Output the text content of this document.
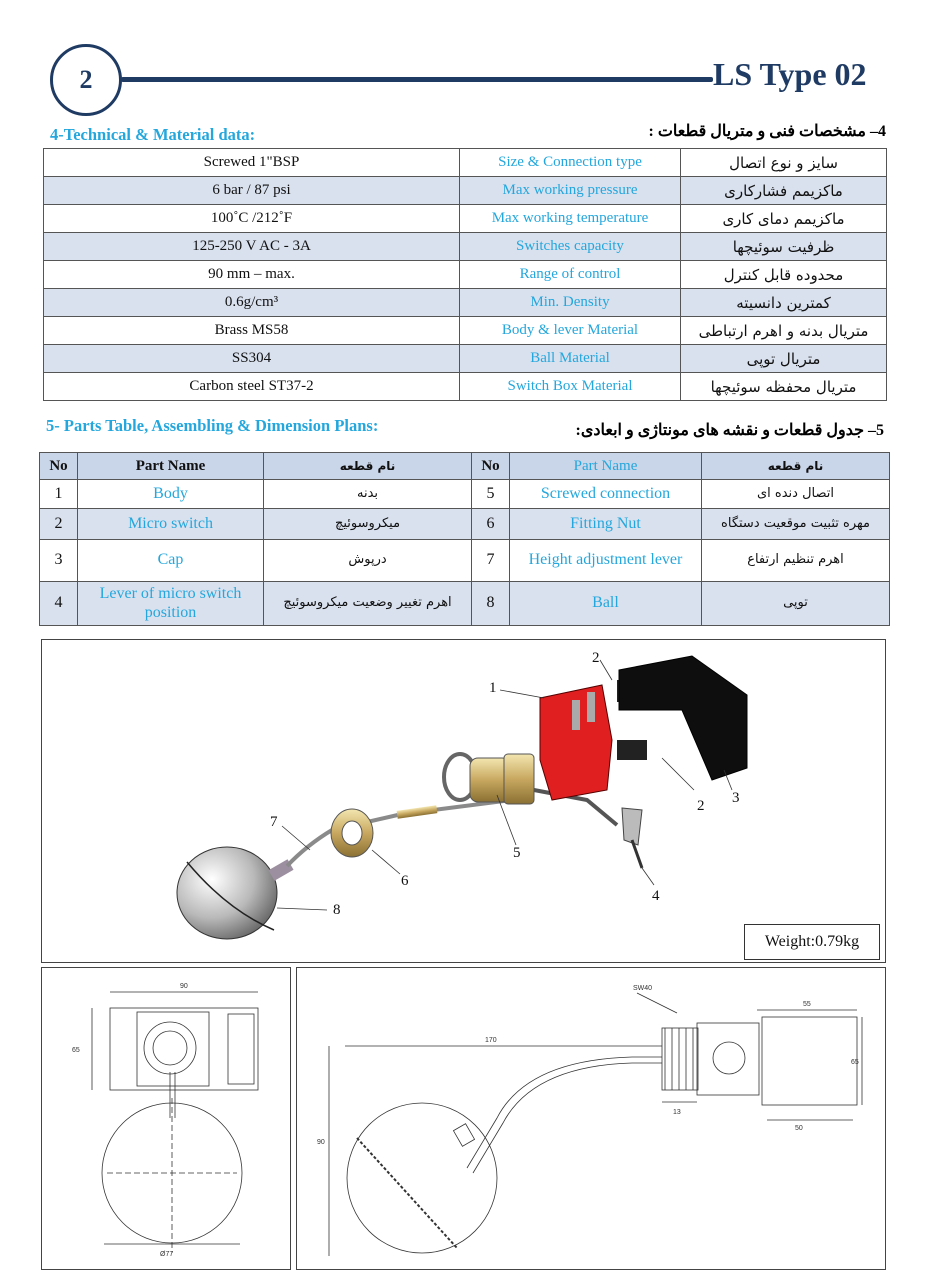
2	LS Type 02
4-Technical & Material data:	4– مشخصات فنی و متریال قطعات :
Screwed 1"BSP	Size & Connection type	سایز و نوع اتصال
6 bar / 87 psi	Max working pressure	ماکزیمم فشارکاری
100˚C /212˚F	Max working temperature	ماکزیمم دمای کاری
125-250 V AC - 3A	Switches capacity	ظرفیت سوئیچها
90 mm – max.	Range of control	محدوده قابل کنترل
0.6g/cm³	Min. Density	کمترین دانسیته
Brass MS58	Body & lever Material	متریال بدنه و اهرم ارتباطی
SS304	Ball Material	متریال توپی
Carbon steel ST37-2	Switch Box Material	متریال محفظه سوئیچها
5- Parts Table, Assembling & Dimension Plans:	5– جدول قطعات و نقشه های مونتاژی و ابعادی:
No	Part Name	نام قطعه	No	Part Name	نام قطعه
1	Body	بدنه	5	Screwed connection	اتصال دنده ای
2	Micro switch	میکروسوئیچ	6	Fitting Nut	مهره تثبیت موقعیت دستگاه
3	Cap	درپوش	7	Height adjustment lever	اهرم تنظیم ارتفاع
4	Lever of micro switch position	اهرم تغییر وضعیت میکروسوئیچ	8	Ball	توپی
1
2
2 3
4
5
6
7
8
Weight:0.79kg
90
65
Ø77
SW40
55
170
65
90
13
50
